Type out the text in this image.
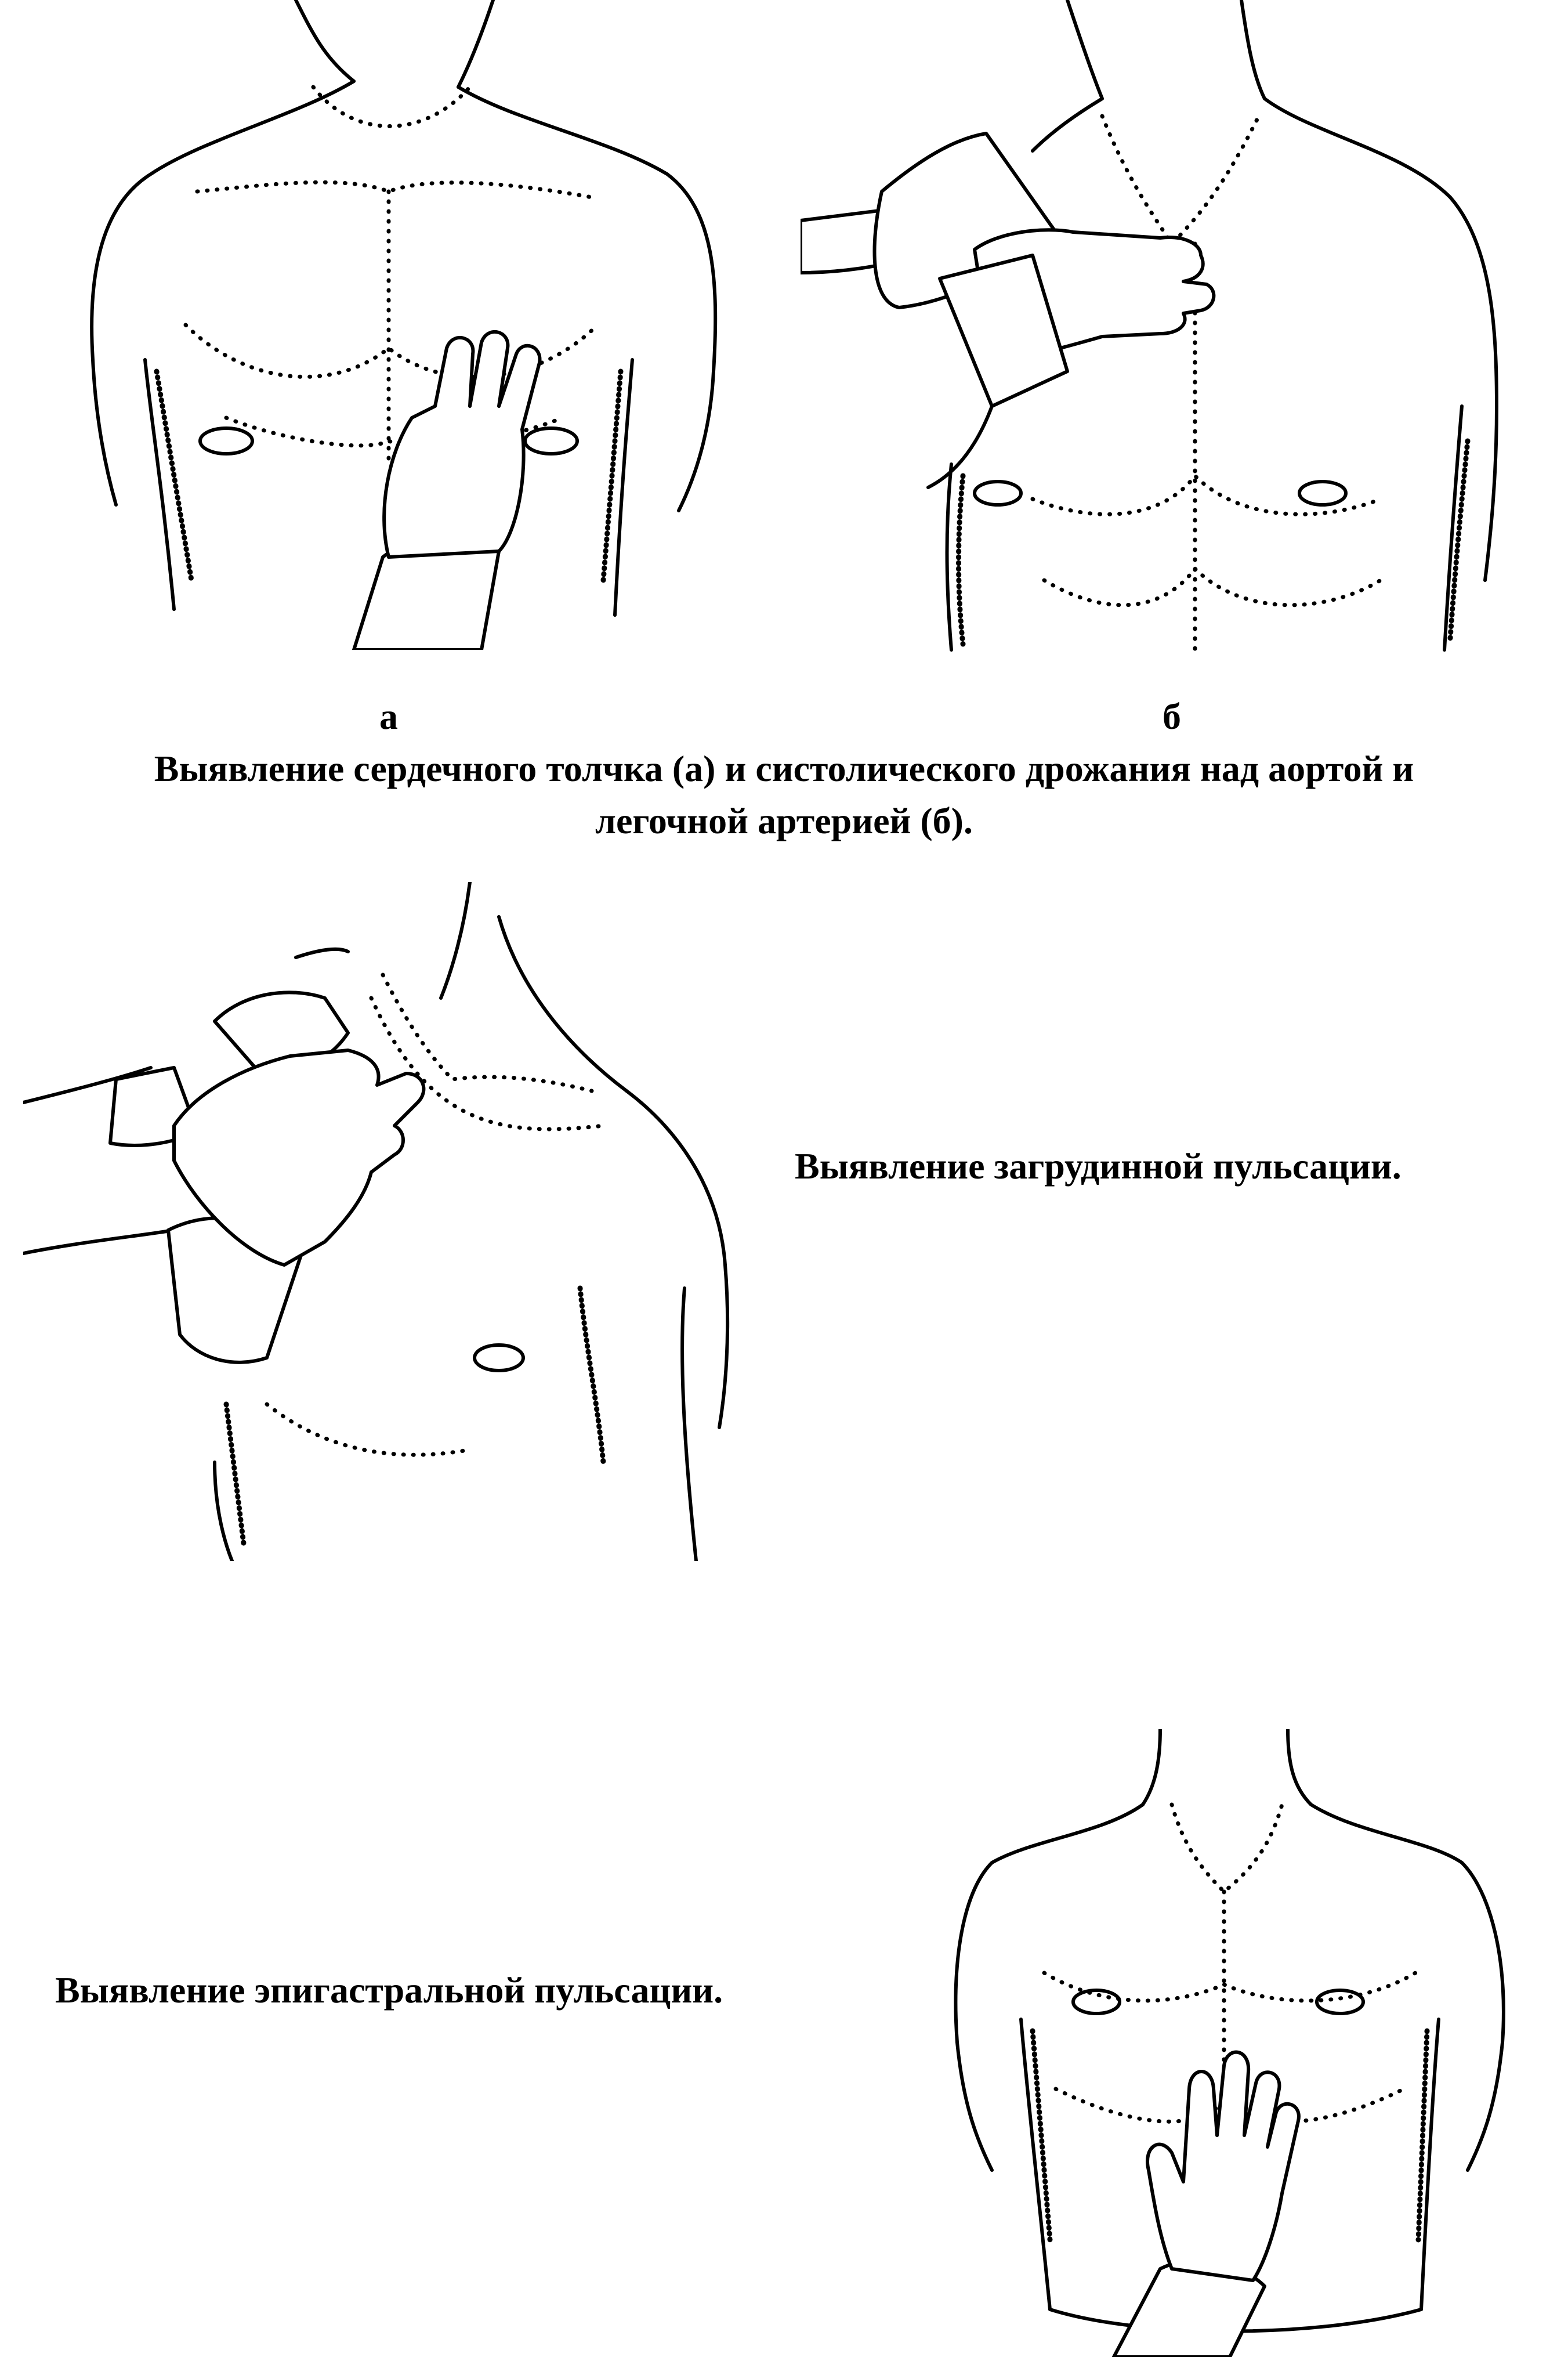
а	б
Выявление сердечного толчка (а) и систолического дрожания над аортой и
легочной артерией (б).
Выявление загрудинной пульсации.
Выявление эпигастральной пульсации.
